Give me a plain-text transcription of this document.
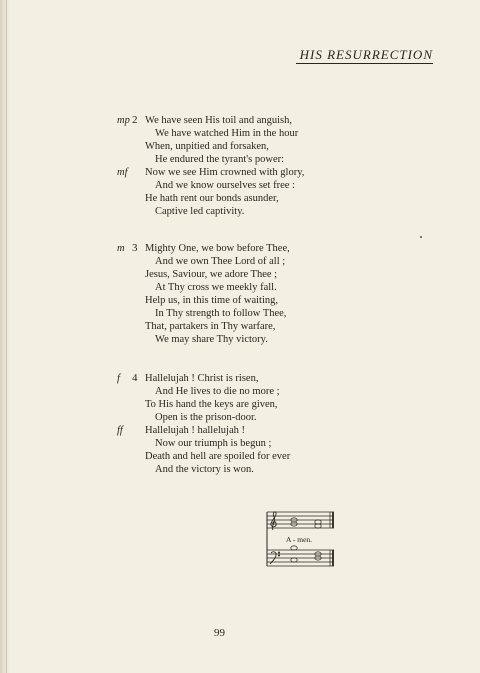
HIS RESURRECTION
mp 2 We have seen His toil and anguish,
We have watched Him in the hour
When, unpitied and forsaken,
He endured the tyrant's power:
mf Now we see Him crowned with glory,
And we know ourselves set free :
He hath rent our bonds asunder,
Captive led captivity.
m 3 Mighty One, we bow before Thee,
And we own Thee Lord of all ;
Jesus, Saviour, we adore Thee ;
At Thy cross we meekly fall.
Help us, in this time of waiting,
In Thy strength to follow Thee,
That, partakers in Thy warfare,
We may share Thy victory.
f 4 Hallelujah ! Christ is risen,
And He lives to die no more ;
To His hand the keys are given,
Open is the prison-door.
ff Hallelujah ! hallelujah !
Now our triumph is begun ;
Death and hell are spoiled for ever
And the victory is won.
A - men.
99
